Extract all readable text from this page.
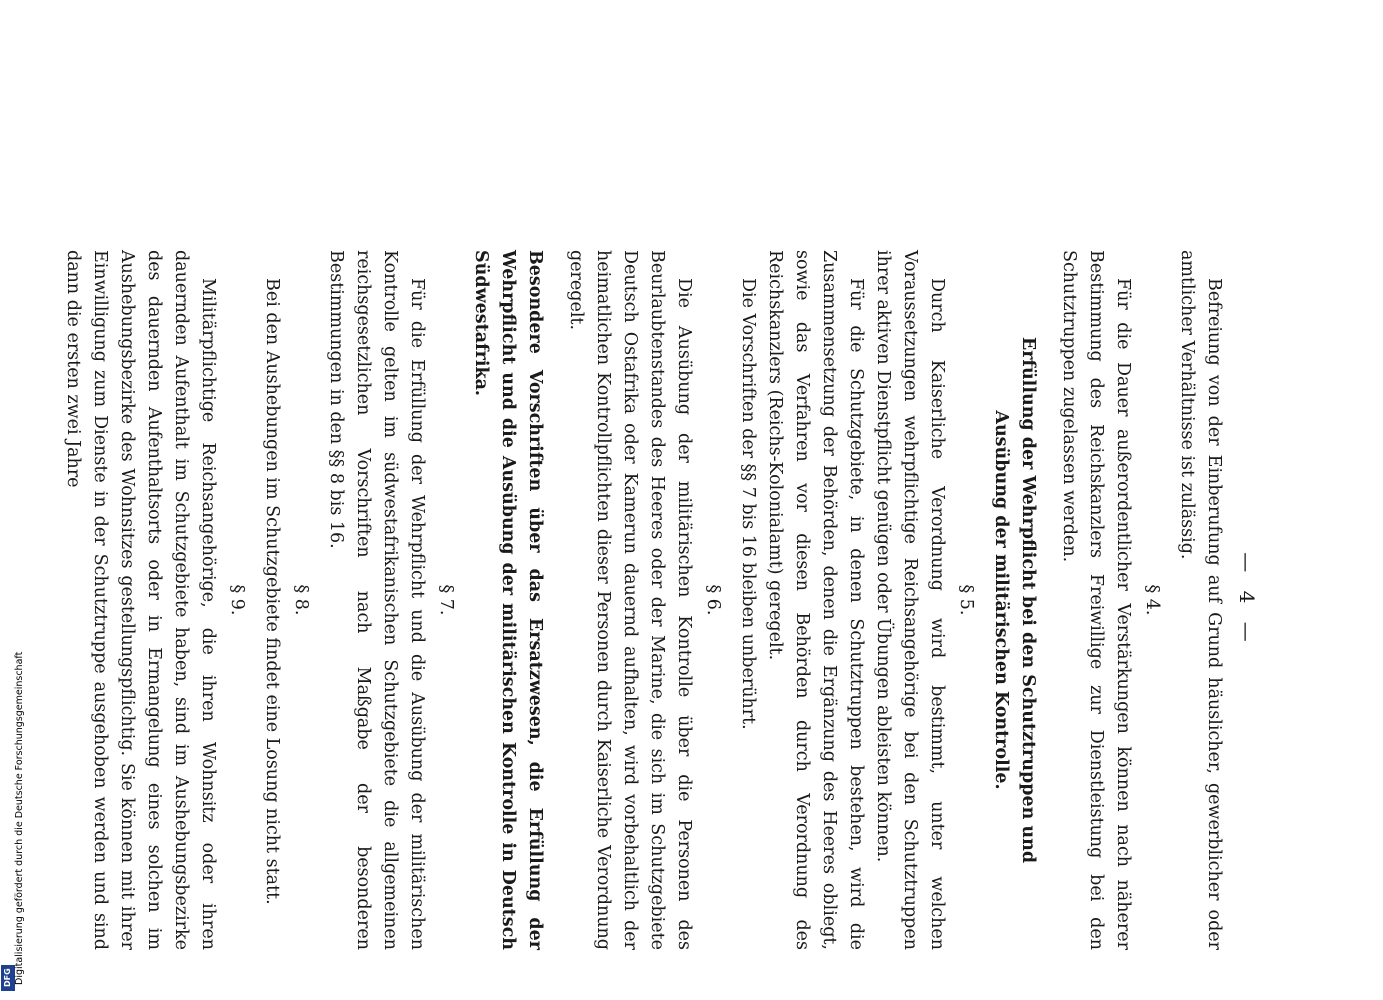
DFG Digitalisierung gefördert durch die Deutsche Forschungsgemeinschaft
— 4 —

Befreiung von der Einberufung auf Grund häuslicher, gewerblicher oder amtlicher Verhältnisse ist zulässig.

§ 4.

Für die Dauer außerordentlicher Verstärkungen können nach näherer Bestimmung des Reichskanzlers Freiwillige zur Dienstleistung bei den Schutztruppen zugelassen werden.

Erfüllung der Wehrpflicht bei den Schutztruppen und Ausübung der militärischen Kontrolle.
§ 5.

Durch Kaiserliche Verordnung wird bestimmt, unter welchen Voraussetzungen wehrpflichtige Reichsangehörige bei den Schutztruppen ihrer aktiven Dienstpflicht genügen oder Übungen ableisten können.

Für die Schutzgebiete, in denen Schutztruppen bestehen, wird die Zusammensetzung der Behörden, denen die Ergänzung des Heeres obliegt, sowie das Verfahren vor diesen Behörden durch Verordnung des Reichskanzlers (Reichs-Kolonialamt) geregelt.

Die Vorschriften der §§ 7 bis 16 bleiben unberührt.

§ 6.

Die Ausübung der militärischen Kontrolle über die Personen des Beurlaubtenstandes des Heeres oder der Marine, die sich im Schutzgebiete Deutsch Ostafrika oder Kamerun dauernd aufhalten, wird vorbehaltlich der heimatlichen Kontrollpflichten dieser Personen durch Kaiserliche Verordnung geregelt.

Besondere Vorschriften über das Ersatzwesen, die Erfüllung der Wehrpflicht und die Ausübung der militärischen Kontrolle in Deutsch Südwestafrika.
§ 7.

Für die Erfüllung der Wehrpflicht und die Ausübung der militärischen Kontrolle gelten im südwestafrikanischen Schutzgebiete die allgemeinen reichsgesetzlichen Vorschriften nach Maßgabe der besonderen Bestimmungen in den §§ 8 bis 16.

§ 8.

Bei den Aushebungen im Schutzgebiete findet eine Losung nicht statt.

§ 9.

Militärpflichtige Reichsangehörige, die ihren Wohnsitz oder ihren dauernden Aufenthalt im Schutzgebiete haben, sind im Aushebungsbezirke des dauernden Aufenthaltsorts oder in Ermangelung eines solchen im Aushebungsbezirke des Wohnsitzes gestellungspflichtig. Sie können mit ihrer Einwilligung zum Dienste in der Schutztruppe ausgehoben werden und sind dann die ersten zwei Jahre
